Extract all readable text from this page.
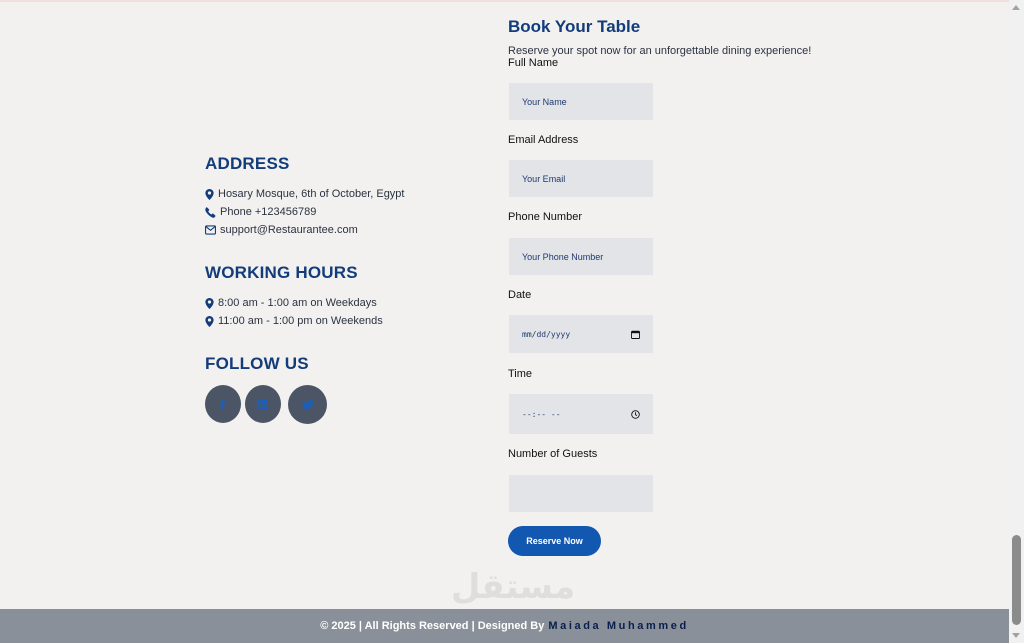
ADDRESS
Hosary Mosque, 6th of October, Egypt
Phone +123456789
support@Restaurantee.com
WORKING HOURS
8:00 am - 1:00 am on Weekdays
11:00 am - 1:00 pm on Weekends
FOLLOW US
Book Your Table
Reserve your spot now for an unforgettable dining experience!
Full Name
Your Name
Email Address
Your Email
Phone Number
Your Phone Number
Date
mm/dd/yyyy
Time
--:-- --
Number of Guests
Reserve Now
مستقل
© 2025 | All Rights Reserved | Designed By Maiada Muhammed
